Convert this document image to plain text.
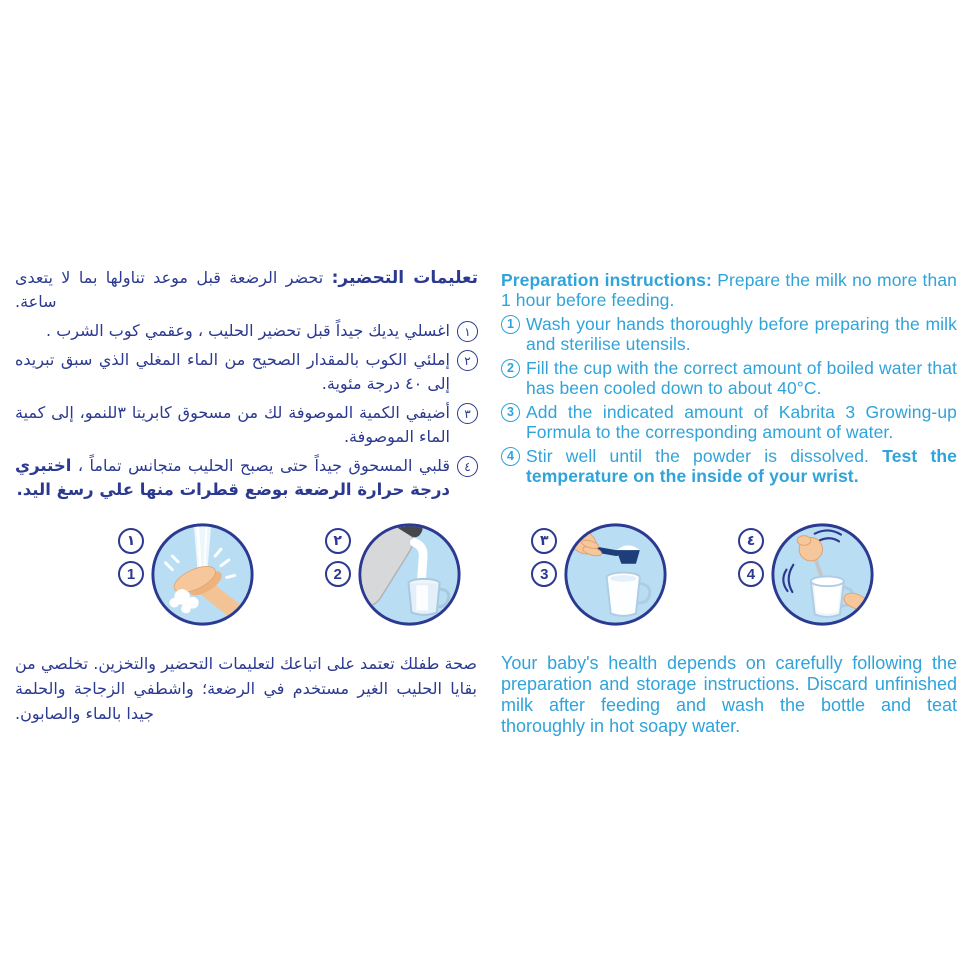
تعليمات التحضير: تحضر الرضعة قبل موعد تناولها بما لا يتعدى ساعة.

١

اغسلي يديك جيداً قبل تحضير الحليب ، وعقمي كوب الشرب .

٢

إملئي الكوب بالمقدار الصحيح من الماء المغلي الذي سبق تبريده إلى ٤٠ درجة مئوية.

٣

أضيفي الكمية الموصوفة لك من مسحوق كابريتا ٣للنمو، إلى كمية الماء الموصوفة.

٤

قلبي المسحوق جيداً حتى يصبح الحليب متجانس تماماً ، اختبري درجة حرارة الرضعة بوضع قطرات منها علي رسغ اليد.

Preparation instructions: Prepare the milk no more than 1 hour before feeding.

1 Wash your hands thoroughly before preparing the milk and sterilise utensils.

2 Fill the cup with the correct amount of boiled water that has been cooled down to about 40°C.

3 Add the indicated amount of Kabrita 3 Growing-up Formula to the corresponding amount of water.

4 Stir well until the powder is dissolved. Test the temperature on the inside of your wrist.

١
1
٢
2
٣
3
٤
4

صحة طفلك تعتمد على اتباعك لتعليمات التحضير والتخزين. تخلصي من بقايا الحليب الغير مستخدم في الرضعة؛ واشطفي الزجاجة والحلمة جيدا بالماء والصابون.

Your baby's health depends on carefully following the preparation and storage instructions. Discard unfinished milk after feeding and wash the bottle and teat thoroughly in hot soapy water.
